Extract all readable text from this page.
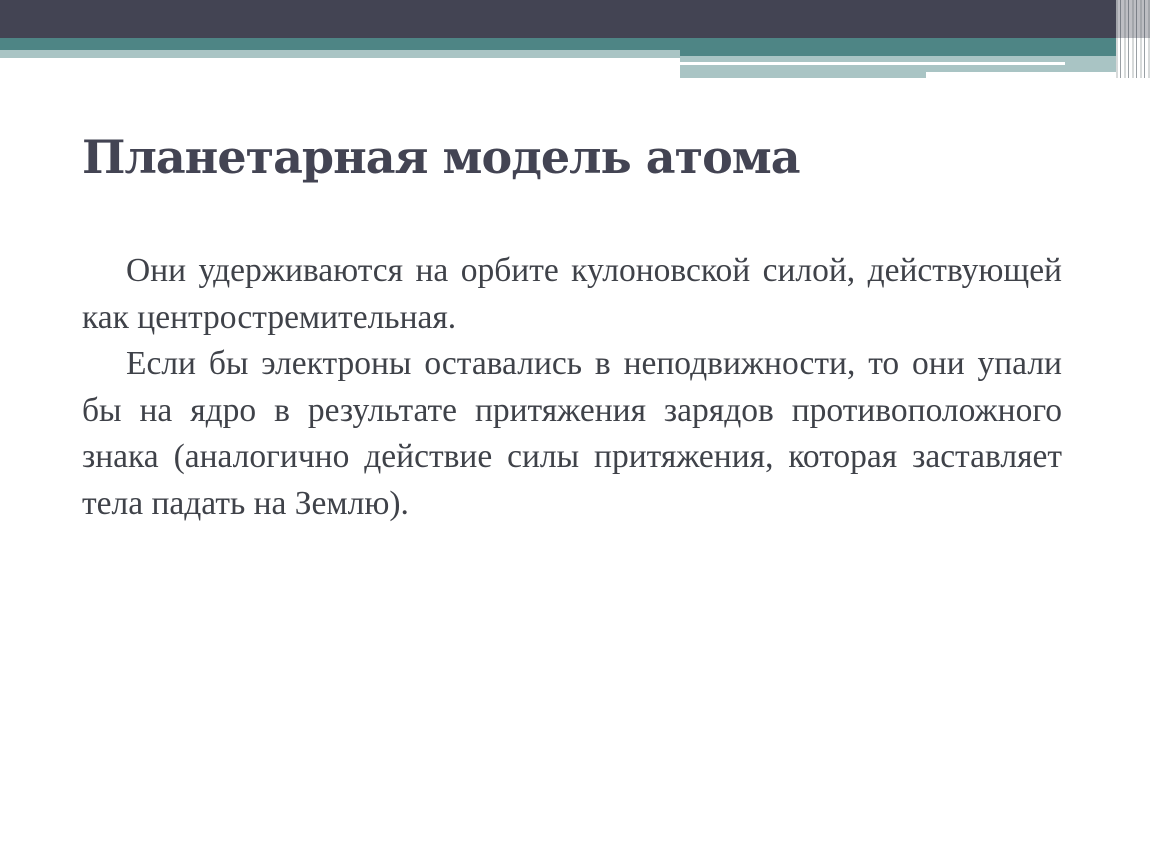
Планетарная модель атома

Они удерживаются на орбите кулоновской силой, действующей как центростремительная.

Если бы электроны оставались в неподвижности, то они упали бы на ядро в результате притяжения зарядов противоположного знака (аналогично действие силы притяжения, которая заставляет тела падать на Землю).
